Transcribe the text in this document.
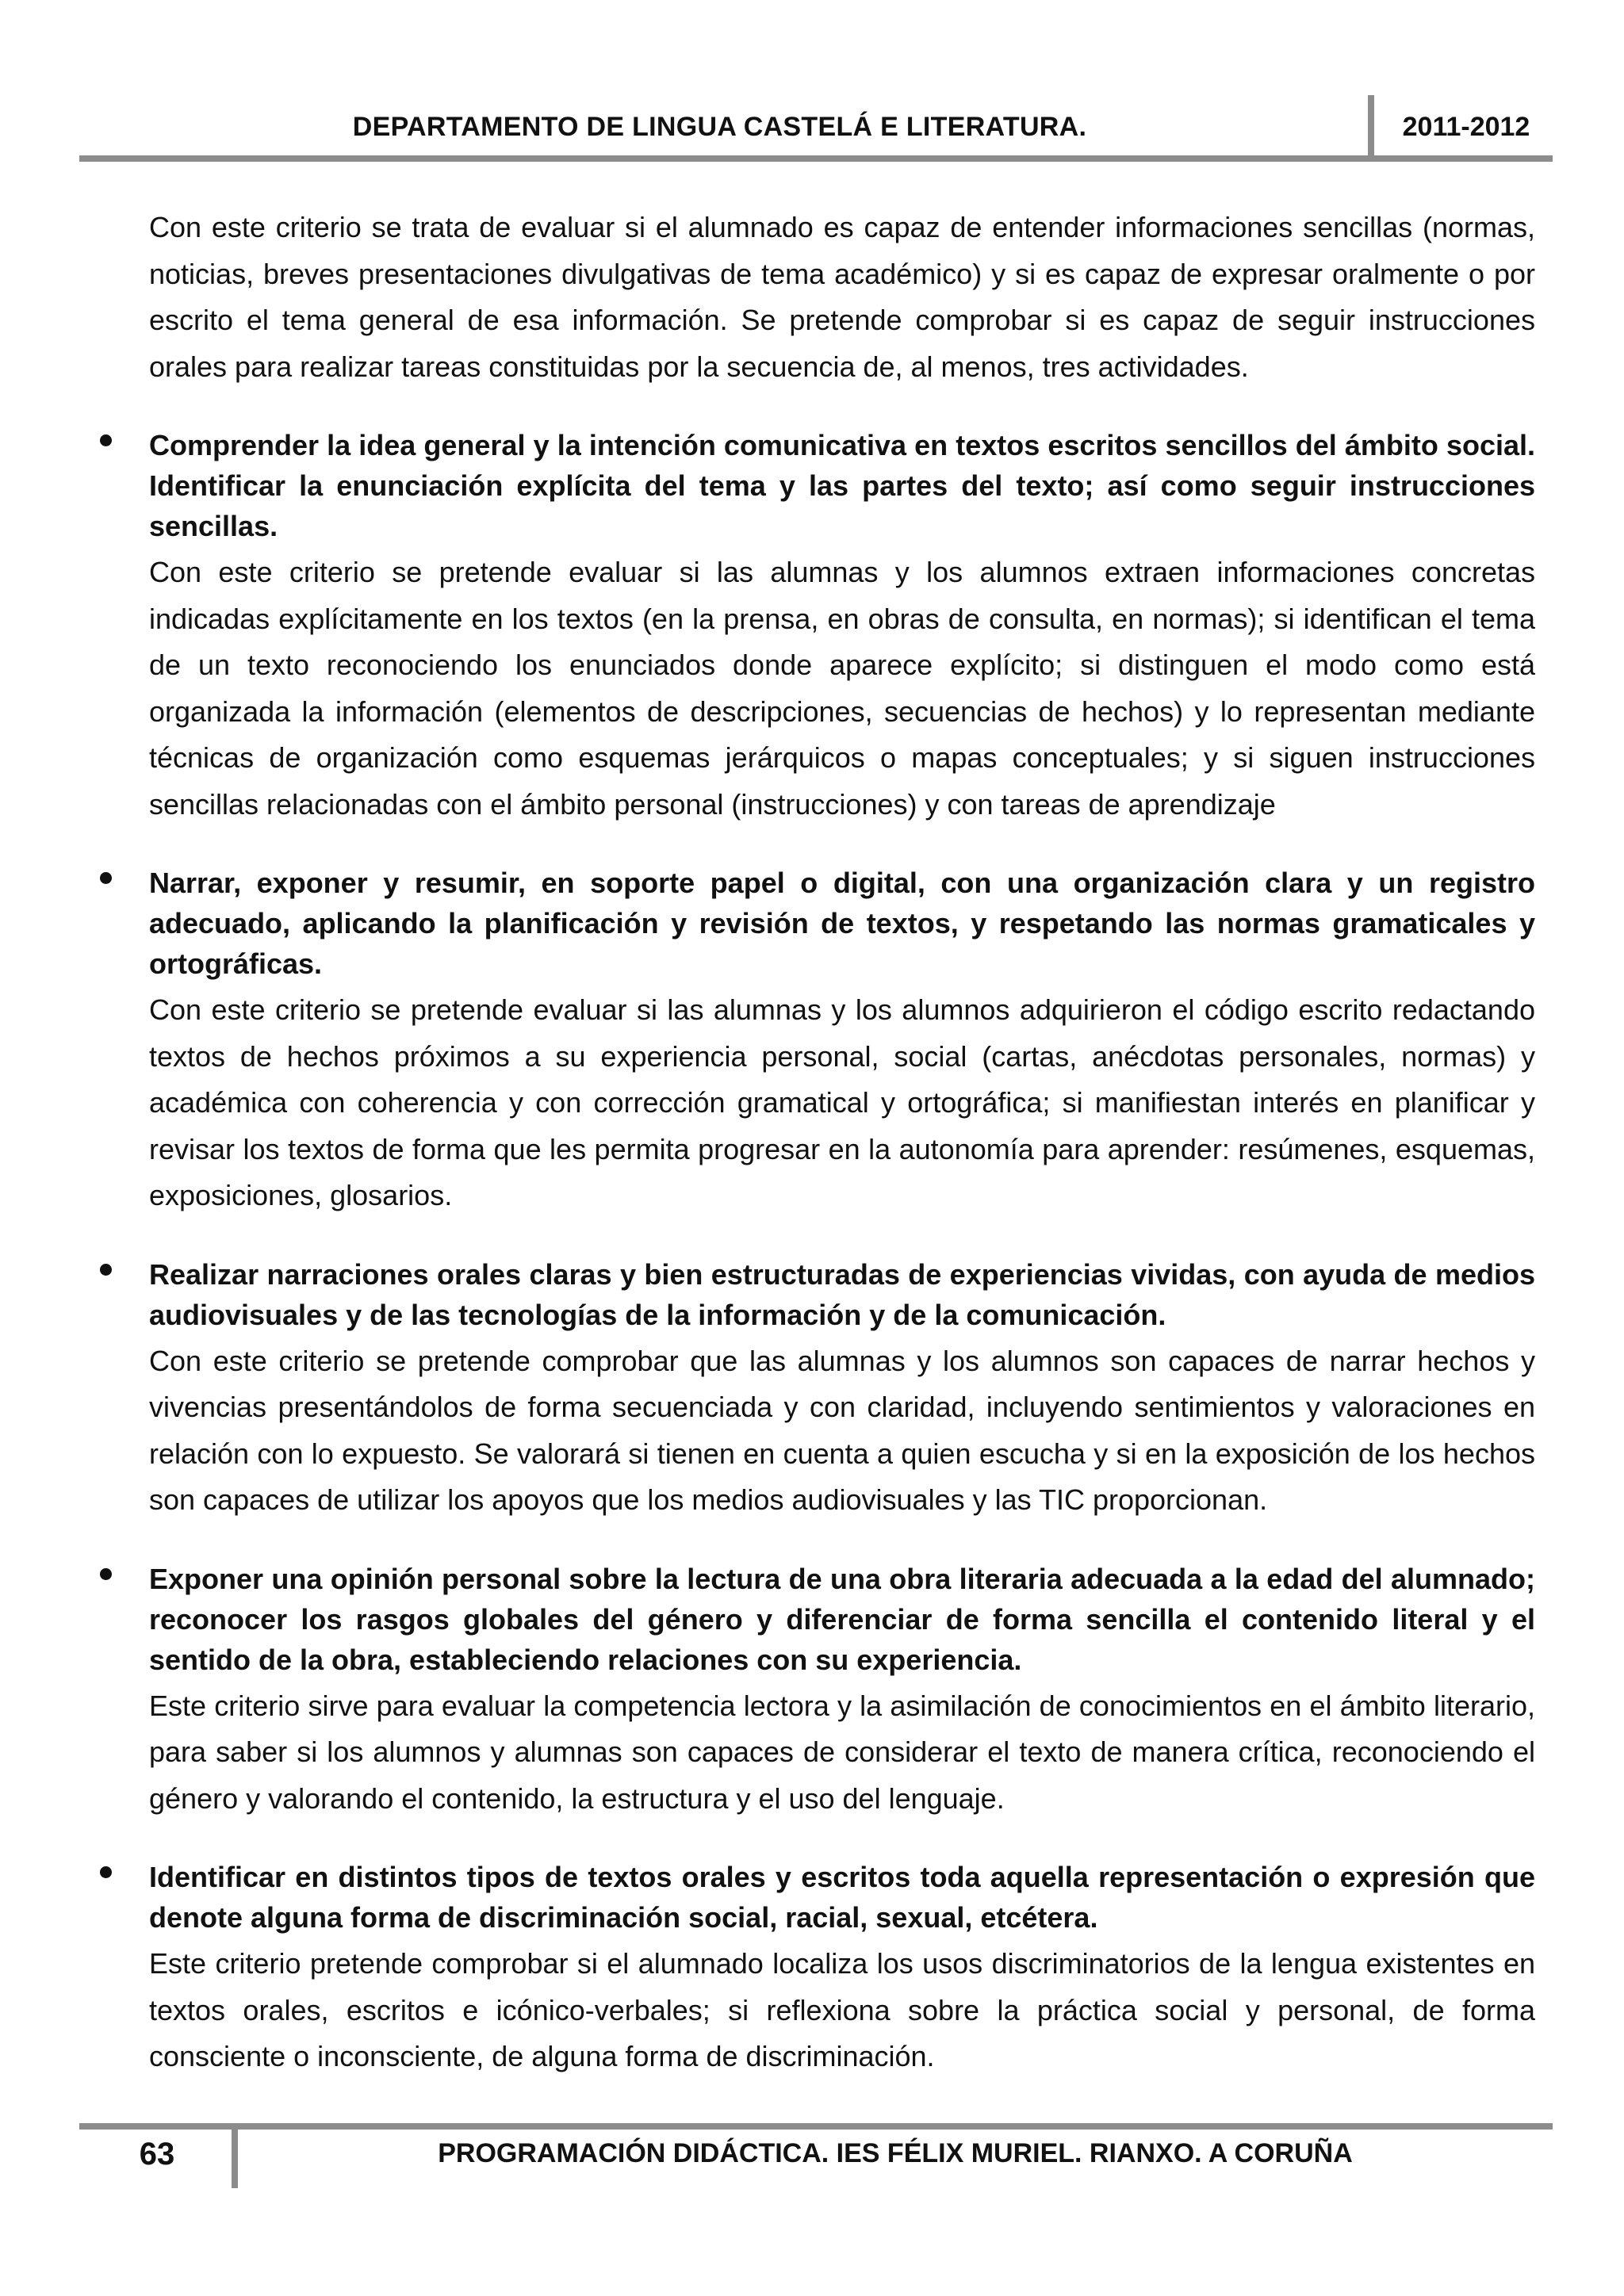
DEPARTAMENTO DE LINGUA CASTELÁ E LITERATURA.	2011-2012

Con este criterio se trata de evaluar si el alumnado es capaz de entender informaciones sencillas (normas, noticias, breves presentaciones divulgativas de tema académico) y si es capaz de expresar oralmente o por escrito el tema general de esa información. Se pretende comprobar si es capaz de seguir instrucciones orales para realizar tareas constituidas por la secuencia de, al menos, tres actividades.

Comprender la idea general y la intención comunicativa en textos escritos sencillos del ámbito social. Identificar la enunciación explícita del tema y las partes del texto; así como seguir instrucciones sencillas.

Con este criterio se pretende evaluar si las alumnas y los alumnos extraen informaciones concretas indicadas explícitamente en los textos (en la prensa, en obras de consulta, en normas); si identifican el tema de un texto reconociendo los enunciados donde aparece explícito; si distinguen el modo como está organizada la información (elementos de descripciones, secuencias de hechos) y lo representan mediante técnicas de organización como esquemas jerárquicos o mapas conceptuales; y si siguen instrucciones sencillas relacionadas con el ámbito personal (instrucciones) y con tareas de aprendizaje

Narrar, exponer y resumir, en soporte papel o digital, con una organización clara y un registro adecuado, aplicando la planificación y revisión de textos, y respetando las normas gramaticales y ortográficas.

Con este criterio se pretende evaluar si las alumnas y los alumnos adquirieron el código escrito redactando textos de hechos próximos a su experiencia personal, social (cartas, anécdotas personales, normas) y académica con coherencia y con corrección gramatical y ortográfica; si manifiestan interés en planificar y revisar los textos de forma que les permita progresar en la autonomía para aprender: resúmenes, esquemas, exposiciones, glosarios.

Realizar narraciones orales claras y bien estructuradas de experiencias vividas, con ayuda de medios audiovisuales y de las tecnologías de la información y de la comunicación.

Con este criterio se pretende comprobar que las alumnas y los alumnos son capaces de narrar hechos y vivencias presentándolos de forma secuenciada y con claridad, incluyendo sentimientos y valoraciones en relación con lo expuesto. Se valorará si tienen en cuenta a quien escucha y si en la exposición de los hechos son capaces de utilizar los apoyos que los medios audiovisuales y las TIC proporcionan.

Exponer una opinión personal sobre la lectura de una obra literaria adecuada a la edad del alumnado; reconocer los rasgos globales del género y diferenciar de forma sencilla el contenido literal y el sentido de la obra, estableciendo relaciones con su experiencia.

Este criterio sirve para evaluar la competencia lectora y la asimilación de conocimientos en el ámbito literario, para saber si los alumnos y alumnas son capaces de considerar el texto de manera crítica, reconociendo el género y valorando el contenido, la estructura y el uso del lenguaje.

Identificar en distintos tipos de textos orales y escritos toda aquella representación o expresión que denote alguna forma de discriminación social, racial, sexual, etcétera.

Este criterio pretende comprobar si el alumnado localiza los usos discriminatorios de la lengua existentes en textos orales, escritos e icónico-verbales; si reflexiona sobre la práctica social y personal, de forma consciente o inconsciente, de alguna forma de discriminación.

63	PROGRAMACIÓN DIDÁCTICA. IES FÉLIX MURIEL. RIANXO. A CORUÑA
